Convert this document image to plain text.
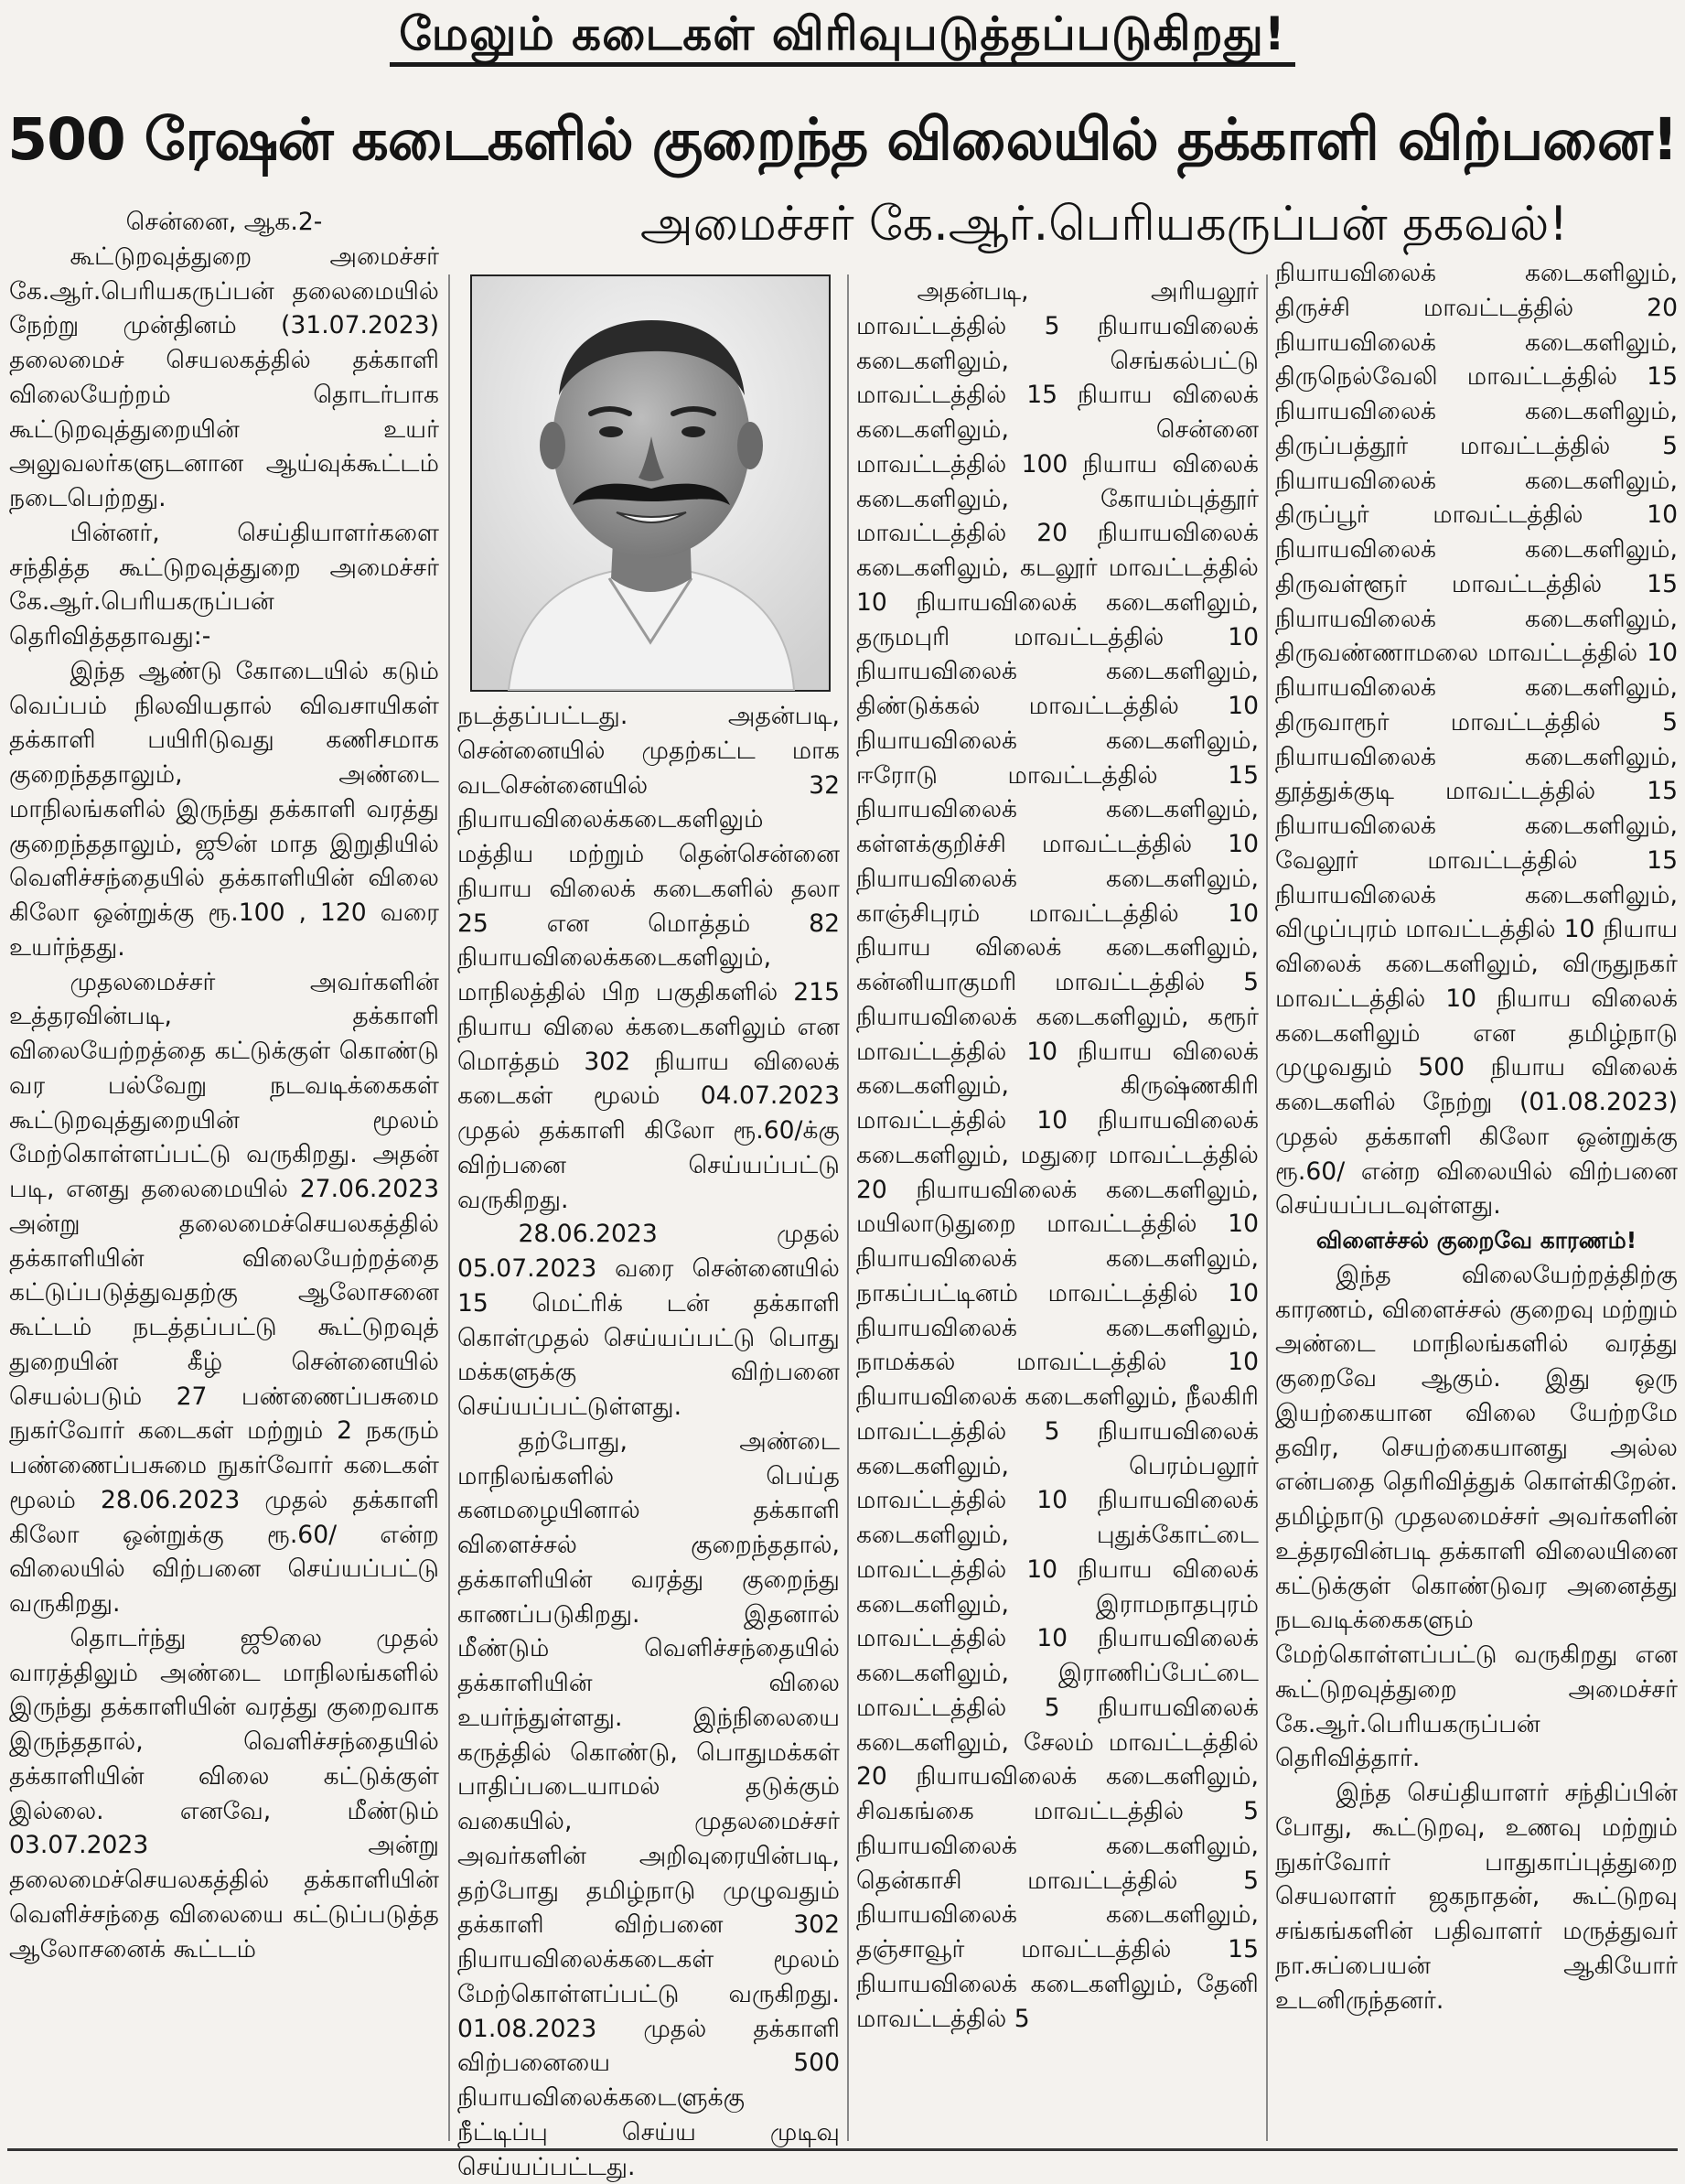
மேலும் கடைகள் விரிவுபடுத்தப்படுகிறது!
500 ரேஷன் கடைகளில் குறைந்த விலையில் தக்காளி விற்பனை!
அமைச்சர் கே.ஆர்.பெரியகருப்பன் தகவல்!

சென்னை, ஆக.2-

கூட்டுறவுத்துறை அமைச்சர் கே.ஆர்.பெரியகருப்பன் தலைமையில் நேற்று முன்தினம் (31.07.2023) தலைமைச் செயலகத்தில் தக்காளி விலையேற்றம் தொடர்பாக கூட்டுறவுத்துறையின் உயர் அலுவலர்களுடனான ஆய்வுக்கூட்டம் நடைபெற்றது.

பின்னர், செய்தியாளர்களை சந்தித்த கூட்டுறவுத்துறை அமைச்சர் கே.ஆர்.பெரியகருப்பன் தெரிவித்ததாவது:-

இந்த ஆண்டு கோடையில் கடும் வெப்பம் நிலவியதால் விவசாயிகள் தக்காளி பயிரிடுவது கணிசமாக குறைந்ததாலும், அண்டை மாநிலங்களில் இருந்து தக்காளி வரத்து குறைந்ததாலும், ஜூன் மாத இறுதியில் வெளிச்சந்தையில் தக்காளியின் விலை கிலோ ஒன்றுக்கு ரூ.100 , 120 வரை உயர்ந்தது.

முதலமைச்சர் அவர்களின் உத்தரவின்படி, தக்காளி விலையேற்றத்தை கட்டுக்குள் கொண்டு வர பல்வேறு நடவடிக்கைகள் கூட்டுறவுத்துறையின் மூலம் மேற்கொள்ளப்பட்டு வருகிறது. அதன் படி, எனது தலைமையில் 27.06.2023 அன்று தலைமைச்செயலகத்தில் தக்காளியின் விலையேற்றத்தை கட்டுப்படுத்துவதற்கு ஆலோசனை கூட்டம் நடத்தப்பட்டு கூட்டுறவுத் துறையின் கீழ் சென்னையில் செயல்படும் 27 பண்ணைப்பசுமை நுகர்வோர் கடைகள் மற்றும் 2 நகரும் பண்ணைப்பசுமை நுகர்வோர் கடைகள் மூலம் 28.06.2023 முதல் தக்காளி கிலோ ஒன்றுக்கு ரூ.60/ என்ற விலையில் விற்பனை செய்யப்பட்டு வருகிறது.

தொடர்ந்து ஜூலை முதல் வாரத்திலும் அண்டை மாநிலங்களில் இருந்து தக்காளியின் வரத்து குறைவாக இருந்ததால், வெளிச்சந்தையில் தக்காளியின் விலை கட்டுக்குள் இல்லை. எனவே, மீண்டும் 03.07.2023 அன்று தலைமைச்செயலகத்தில் தக்காளியின் வெளிச்சந்தை விலையை கட்டுப்படுத்த ஆலோசனைக் கூட்டம்

நடத்தப்பட்டது. அதன்படி, சென்னையில் முதற்கட்ட மாக வடசென்னையில் 32 நியாயவிலைக்கடைகளிலும் மத்திய மற்றும் தென்சென்னை நியாய விலைக் கடைகளில் தலா 25 என மொத்தம் 82 நியாயவிலைக்கடைகளிலும், மாநிலத்தில் பிற பகுதிகளில் 215 நியாய விலை க்கடைகளிலும் என மொத்தம் 302 நியாய விலைக் கடைகள் மூலம் 04.07.2023 முதல் தக்காளி கிலோ ரூ.60/க்கு விற்பனை செய்யப்பட்டு வருகிறது.

28.06.2023 முதல் 05.07.2023 வரை சென்னையில் 15 மெட்ரிக் டன் தக்காளி கொள்முதல் செய்யப்பட்டு பொது மக்களுக்கு விற்பனை செய்யப்பட்டுள்ளது.

தற்போது, அண்டை மாநிலங்களில் பெய்த கனமழையினால் தக்காளி விளைச்சல் குறைந்ததால், தக்காளியின் வரத்து குறைந்து காணப்படுகிறது. இதனால் மீண்டும் வெளிச்சந்தையில் தக்காளியின் விலை உயர்ந்துள்ளது. இந்நிலையை கருத்தில் கொண்டு, பொதுமக்கள் பாதிப்படையாமல் தடுக்கும் வகையில், முதலமைச்சர் அவர்களின் அறிவுரையின்படி, தற்போது தமிழ்நாடு முழுவதும் தக்காளி விற்பனை 302 நியாயவிலைக்கடைகள் மூலம் மேற்கொள்ளப்பட்டு வருகிறது. 01.08.2023 முதல் தக்காளி விற்பனையை 500 நியாயவிலைக்கடைளுக்கு நீட்டிப்பு செய்ய முடிவு செய்யப்பட்டது.

அதன்படி, அரியலூர் மாவட்டத்தில் 5 நியாயவிலைக் கடைகளிலும், செங்கல்பட்டு மாவட்டத்தில் 15 நியாய விலைக் கடைகளிலும், சென்னை மாவட்டத்தில் 100 நியாய விலைக் கடைகளிலும், கோயம்புத்தூர் மாவட்டத்தில் 20 நியாயவிலைக் கடைகளிலும், கடலூர் மாவட்டத்தில் 10 நியாயவிலைக் கடைகளிலும், தருமபுரி மாவட்டத்தில் 10 நியாயவிலைக் கடைகளிலும், திண்டுக்கல் மாவட்டத்தில் 10 நியாயவிலைக் கடைகளிலும், ஈரோடு மாவட்டத்தில் 15 நியாயவிலைக் கடைகளிலும், கள்ளக்குறிச்சி மாவட்டத்தில் 10 நியாயவிலைக் கடைகளிலும், காஞ்சிபுரம் மாவட்டத்தில் 10 நியாய விலைக் கடைகளிலும், கன்னியாகுமரி மாவட்டத்தில் 5 நியாயவிலைக் கடைகளிலும், கரூர் மாவட்டத்தில் 10 நியாய விலைக் கடைகளிலும், கிருஷ்ணகிரி மாவட்டத்தில் 10 நியாயவிலைக் கடைகளிலும், மதுரை மாவட்டத்தில் 20 நியாயவிலைக் கடைகளிலும், மயிலாடுதுறை மாவட்டத்தில் 10 நியாயவிலைக் கடைகளிலும், நாகப்பட்டினம் மாவட்டத்தில் 10 நியாயவிலைக் கடைகளிலும், நாமக்கல் மாவட்டத்தில் 10 நியாயவிலைக் கடைகளிலும், நீலகிரி மாவட்டத்தில் 5 நியாயவிலைக் கடைகளிலும், பெரம்பலூர் மாவட்டத்தில் 10 நியாயவிலைக் கடைகளிலும், புதுக்கோட்டை மாவட்டத்தில் 10 நியாய விலைக் கடைகளிலும், இராமநாதபுரம் மாவட்டத்தில் 10 நியாயவிலைக் கடைகளிலும், இராணிப்பேட்டை மாவட்டத்தில் 5 நியாயவிலைக் கடைகளிலும், சேலம் மாவட்டத்தில் 20 நியாயவிலைக் கடைகளிலும், சிவகங்கை மாவட்டத்தில் 5 நியாயவிலைக் கடைகளிலும், தென்காசி மாவட்டத்தில் 5 நியாயவிலைக் கடைகளிலும், தஞ்சாவூர் மாவட்டத்தில் 15 நியாயவிலைக் கடைகளிலும், தேனி மாவட்டத்தில் 5

நியாயவிலைக் கடைகளிலும், திருச்சி மாவட்டத்தில் 20 நியாயவிலைக் கடைகளிலும், திருநெல்வேலி மாவட்டத்தில் 15 நியாயவிலைக் கடைகளிலும், திருப்பத்தூர் மாவட்டத்தில் 5 நியாயவிலைக் கடைகளிலும், திருப்பூர் மாவட்டத்தில் 10 நியாயவிலைக் கடைகளிலும், திருவள்ளூர் மாவட்டத்தில் 15 நியாயவிலைக் கடைகளிலும், திருவண்ணாமலை மாவட்டத்தில் 10 நியாயவிலைக் கடைகளிலும், திருவாரூர் மாவட்டத்தில் 5 நியாயவிலைக் கடைகளிலும், தூத்துக்குடி மாவட்டத்தில் 15 நியாயவிலைக் கடைகளிலும், வேலூர் மாவட்டத்தில் 15 நியாயவிலைக் கடைகளிலும், விழுப்புரம் மாவட்டத்தில் 10 நியாய விலைக் கடைகளிலும், விருதுநகர் மாவட்டத்தில் 10 நியாய விலைக் கடைகளிலும் என தமிழ்நாடு முழுவதும் 500 நியாய விலைக் கடைகளில் நேற்று (01.08.2023) முதல் தக்காளி கிலோ ஒன்றுக்கு ரூ.60/ என்ற விலையில் விற்பனை செய்யப்படவுள்ளது.

விளைச்சல் குறைவே காரணம்!

இந்த விலையேற்றத்திற்கு காரணம், விளைச்சல் குறைவு மற்றும் அண்டை மாநிலங்களில் வரத்து குறைவே ஆகும். இது ஒரு இயற்கையான விலை யேற்றமே தவிர, செயற்கையானது அல்ல என்பதை தெரிவித்துக் கொள்கிறேன். தமிழ்நாடு முதலமைச்சர் அவர்களின் உத்தரவின்படி தக்காளி விலையினை கட்டுக்குள் கொண்டுவர அனைத்து நடவடிக்கைகளும் மேற்கொள்ளப்பட்டு வருகிறது என கூட்டுறவுத்துறை அமைச்சர் கே.ஆர்.பெரியகருப்பன் தெரிவித்தார்.

இந்த செய்தியாளர் சந்திப்பின் போது, கூட்டுறவு, உணவு மற்றும் நுகர்வோர் பாதுகாப்புத்துறை செயலாளர் ஜகநாதன், கூட்டுறவு சங்கங்களின் பதிவாளர் மருத்துவர் நா.சுப்பையன் ஆகியோர் உடனிருந்தனர்.
